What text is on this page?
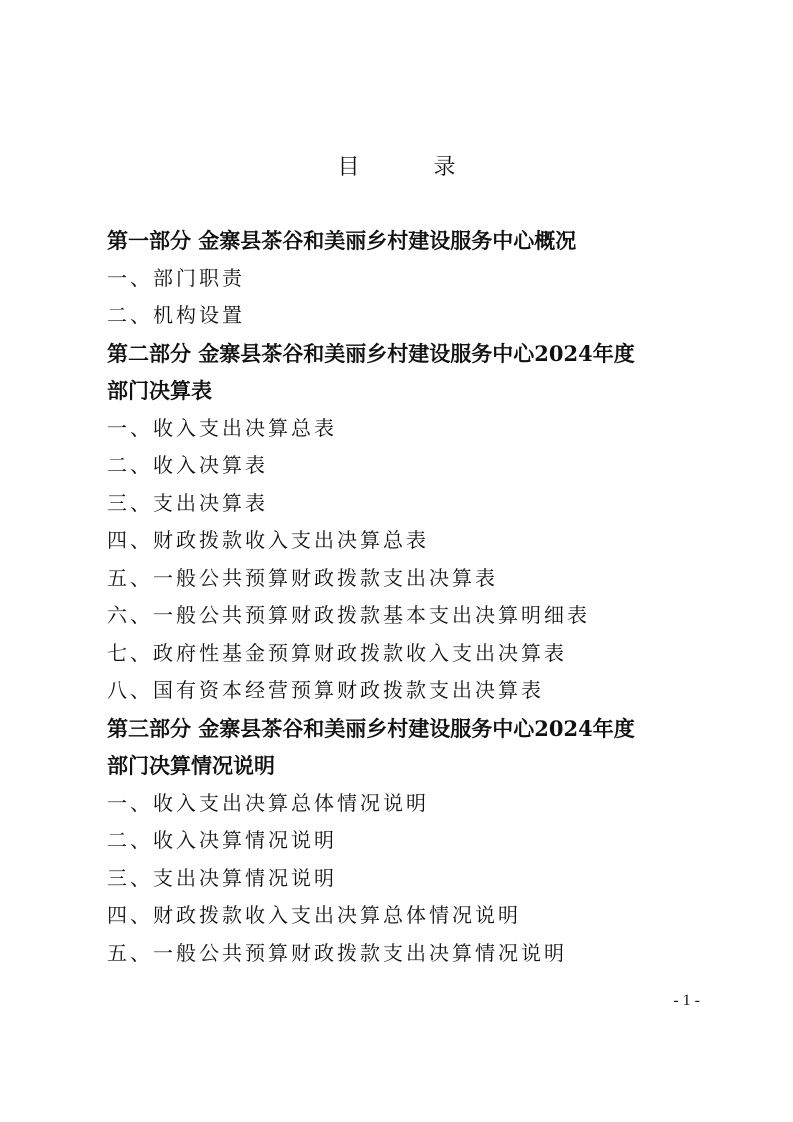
目　录
第一部分 金寨县茶谷和美丽乡村建设服务中心概况
一、部门职责
二、机构设置
第二部分 金寨县茶谷和美丽乡村建设服务中心2024年度
部门决算表
一、收入支出决算总表
二、收入决算表
三、支出决算表
四、财政拨款收入支出决算总表
五、一般公共预算财政拨款支出决算表
六、一般公共预算财政拨款基本支出决算明细表
七、政府性基金预算财政拨款收入支出决算表
八、国有资本经营预算财政拨款支出决算表
第三部分 金寨县茶谷和美丽乡村建设服务中心2024年度
部门决算情况说明
一、收入支出决算总体情况说明
二、收入决算情况说明
三、支出决算情况说明
四、财政拨款收入支出决算总体情况说明
五、一般公共预算财政拨款支出决算情况说明
- 1 -
